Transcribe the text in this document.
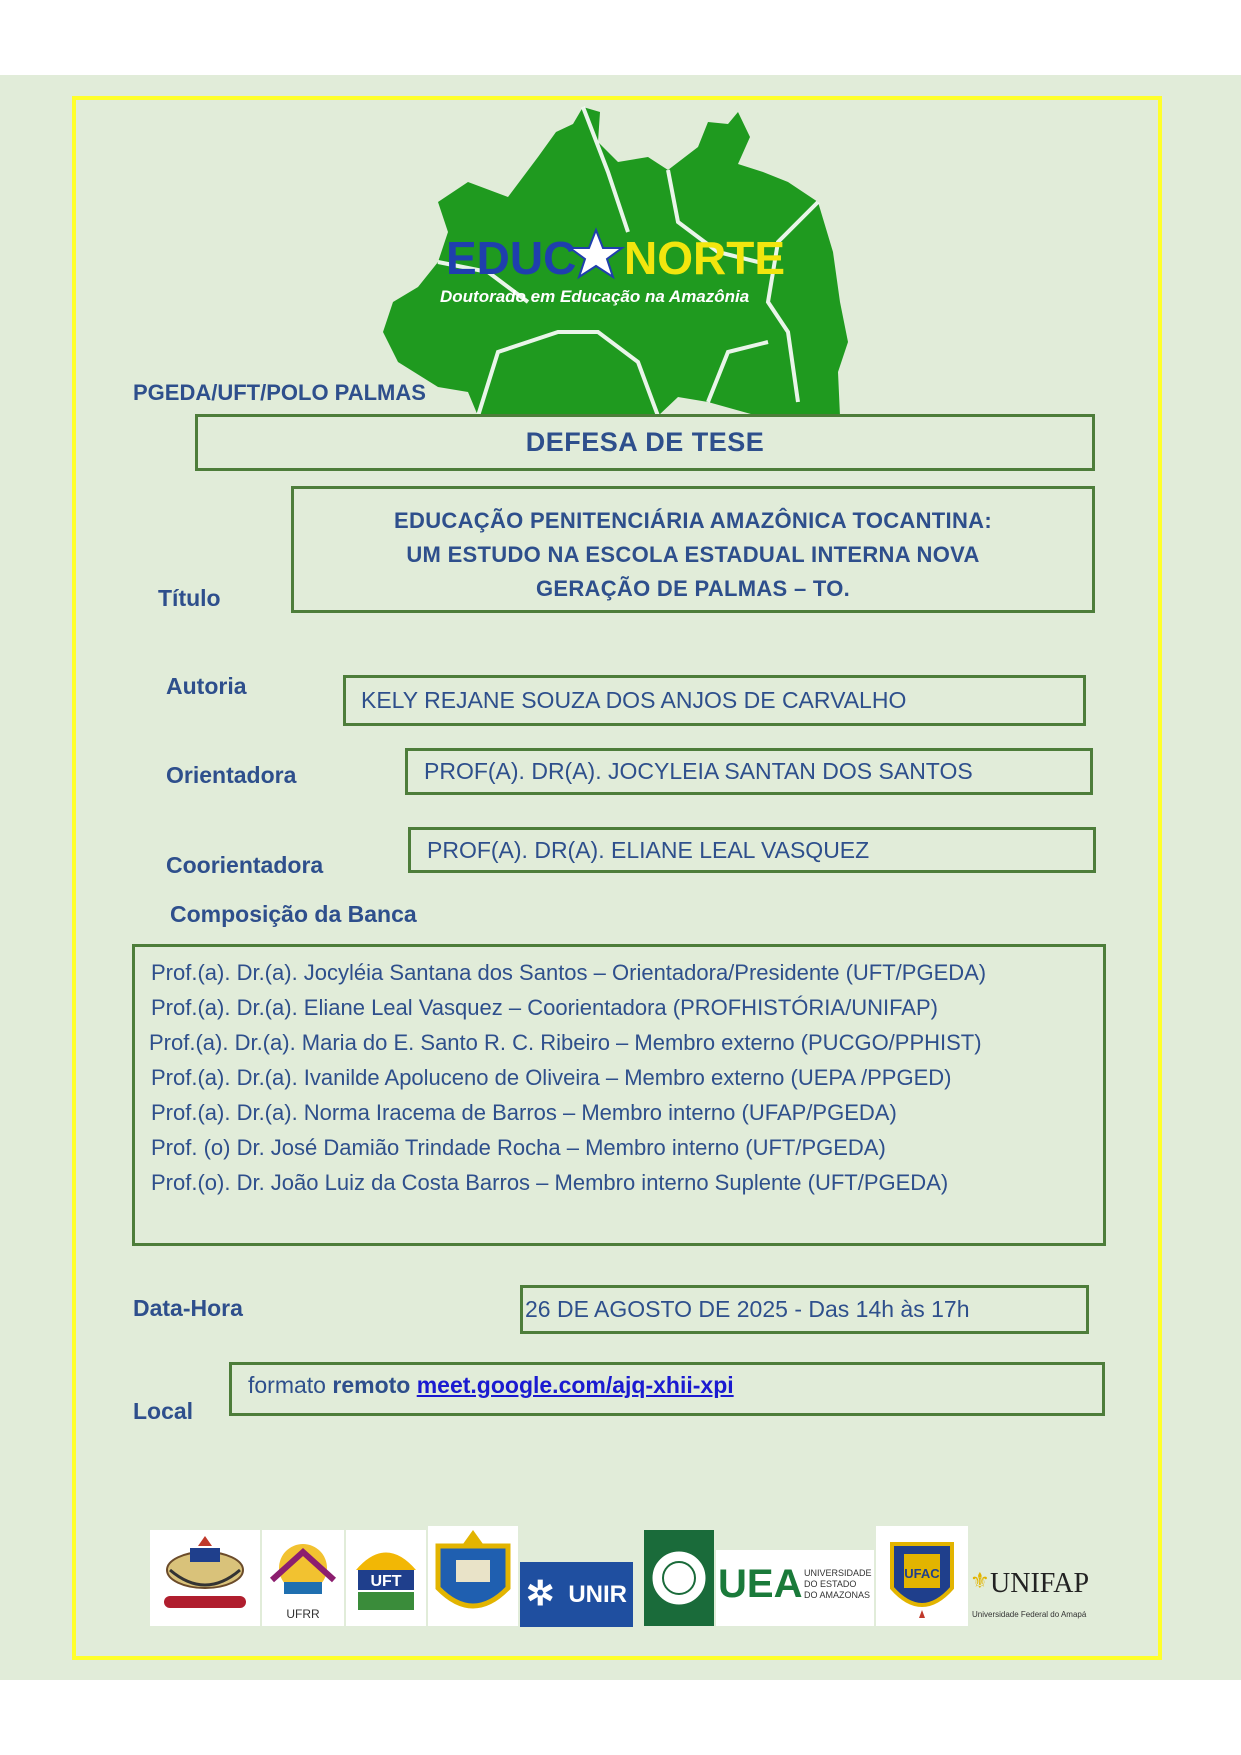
EDUC NORTE
Doutorado em Educação na Amazônia
PGEDA/UFT/POLO PALMAS
DEFESA DE TESE
Título
EDUCAÇÃO PENITENCIÁRIA AMAZÔNICA TOCANTINA:
UM ESTUDO NA ESCOLA ESTADUAL INTERNA NOVA
GERAÇÃO DE PALMAS – TO.
Autoria
KELY REJANE SOUZA DOS ANJOS DE CARVALHO
Orientadora	PROF(A). DR(A). JOCYLEIA SANTAN DOS SANTOS
Coorientadora
PROF(A). DR(A). ELIANE LEAL VASQUEZ
Composição da Banca
Prof.(a). Dr.(a). Jocyléia Santana dos Santos – Orientadora/Presidente (UFT/PGEDA)
Prof.(a). Dr.(a). Eliane Leal Vasquez – Coorientadora (PROFHISTÓRIA/UNIFAP)
Prof.(a). Dr.(a). Maria do E. Santo R. C. Ribeiro – Membro externo (PUCGO/PPHIST)
Prof.(a). Dr.(a). Ivanilde Apoluceno de Oliveira – Membro externo (UEPA /PPGED)
Prof.(a). Dr.(a). Norma Iracema de Barros – Membro interno (UFAP/PGEDA)
Prof. (o) Dr. José Damião Trindade Rocha – Membro interno (UFT/PGEDA)
Prof.(o). Dr. João Luiz da Costa Barros – Membro interno Suplente (UFT/PGEDA)
Data-Hora	26 DE AGOSTO DE 2025 - Das 14h às 17h
Local
formato remoto meet.google.com/ajq-xhii-xpi
UFRR
UFT	✲ UNIR UEA UNIVERSIDADE DO ESTADO DO AMAZONAS
UFAC ⚜ UNIFAP
Universidade Federal do Amapá
